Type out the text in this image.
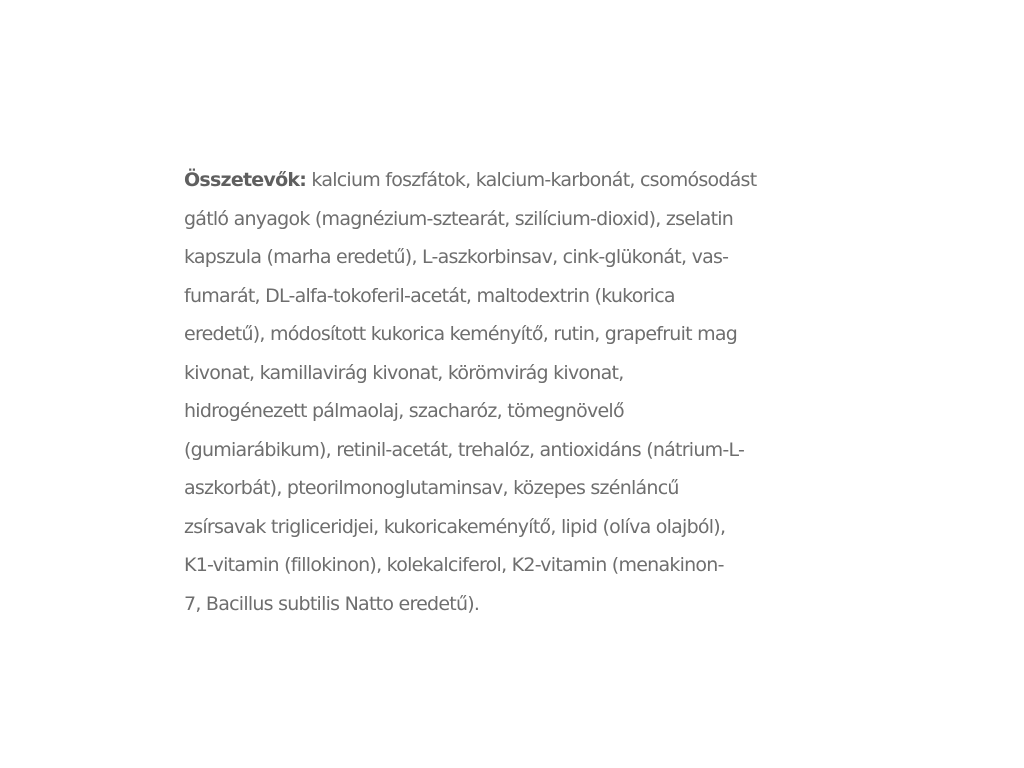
Összetevők: kalcium foszfátok, kalcium-karbonát, csomósodást
gátló anyagok (magnézium-sztearát, szilícium-dioxid), zselatin
kapszula (marha eredetű), L-aszkorbinsav, cink-glükonát, vas-
fumarát, DL-alfa-tokoferil-acetát, maltodextrin (kukorica
eredetű), módosított kukorica keményítő, rutin, grapefruit mag
kivonat, kamillavirág kivonat, körömvirág kivonat,
hidrogénezett pálmaolaj, szacharóz, tömegnövelő
(gumiarábikum), retinil-acetát, trehalóz, antioxidáns (nátrium-L-
aszkorbát), pteorilmonoglutaminsav, közepes szénláncű
zsírsavak trigliceridjei, kukoricakeményítő, lipid (olíva olajból),
K1-vitamin (fillokinon), kolekalciferol, K2-vitamin (menakinon-
7, Bacillus subtilis Natto eredetű).
